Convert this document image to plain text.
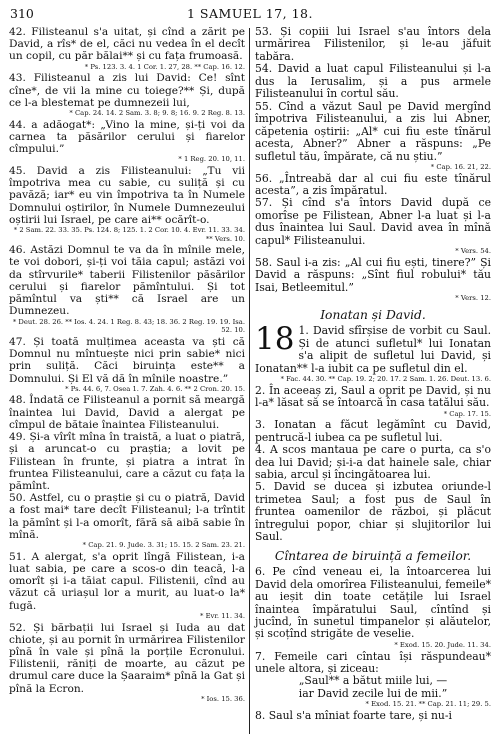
310	1 SAMUEL 17, 18.
42. Filisteanul s'a uitat, și cînd a zărit pe David, a rîs* de el, căci nu vedea în el decît un copil, cu păr bălai** și cu fața frumoasă.
* Ps. 123. 3. 4. 1 Cor. 1. 27, 28. ** Cap. 16. 12.
43. Filisteanul a zis lui David: Ce! sînt cîne*, de vii la mine cu toiege?** Și, după ce l-a blestemat pe dumnezeii lui,
* Cap. 24. 14. 2 Sam. 3. 8; 9. 8; 16. 9. 2 Reg. 8. 13.
44. a adăogat*: „Vino la mine, și-ți voi da carnea ta păsărilor cerului și fiarelor cîmpului.”
* 1 Reg. 20. 10, 11.
45. David a zis Filisteanului: „Tu vii împotriva mea cu sabie, cu suliță și cu pavăză; iar* eu vin împotriva ta în Numele Domnului oștirilor, în Numele Dumnezeului oștirii lui Israel, pe care ai** ocărît-o.
* 2 Sam. 22. 33. 35. Ps. 124. 8; 125. 1. 2 Cor. 10. 4. Evr. 11. 33. 34. ** Vers. 10.
46. Astăzi Domnul te va da în mînile mele, te voi dobori, și-ți voi tăia capul; astăzi voi da stîrvurile* taberii Filistenilor păsărilor cerului și fiarelor pămîntului. Și tot pămîntul va ști** că Israel are un Dumnezeu.
* Deut. 28. 26. ** Ios. 4. 24. 1 Reg. 8. 43; 18. 36. 2 Reg. 19. 19. Isa. 52. 10.
47. Și toată mulțimea aceasta va ști că Domnul nu mîntuește nici prin sabie* nici prin suliță. Căci biruința este** a Domnului. Și El vă dă în mînile noastre.”
* Ps. 44. 6, 7. Osea 1. 7. Zah. 4. 6. ** 2 Cron. 20. 15.
48. Îndată ce Filisteanul a pornit să meargă înaintea lui David, David a alergat pe cîmpul de bătaie înaintea Filisteanului.
49. Și-a vîrît mîna în traistă, a luat o piatră, și a aruncat-o cu praștia; a lovit pe Filistean în frunte, și piatra a intrat în fruntea Filisteanului, care a căzut cu fața la pămînt.
50. Astfel, cu o praștie și cu o piatră, David a fost mai* tare decît Filisteanul; l-a trîntit la pămînt și l-a omorît, fără să aibă sabie în mînă.
* Cap. 21. 9. Jude. 3. 31; 15. 15. 2 Sam. 23. 21.
51. A alergat, s'a oprit lîngă Filistean, i-a luat sabia, pe care a scos-o din teacă, l-a omorît și i-a tăiat capul. Filistenii, cînd au văzut că uriașul lor a murit, au luat-o la* fugă.
* Evr. 11. 34.
52. Și bărbații lui Israel și Iuda au dat chiote, și au pornit în urmărirea Filistenilor pînă în vale și pînă la porțile Ecronului. Filistenii, răniți de moarte, au căzut pe drumul care duce la Șaaraim* pînă la Gat și pînă la Ecron.
* Ios. 15. 36.
53. Și copiii lui Israel s'au întors dela urmărirea Filistenilor, și le-au jăfuit tabăra.
54. David a luat capul Filisteanului și l-a dus la Ierusalim, și a pus armele Filisteanului în cortul său.
55. Cînd a văzut Saul pe David mergînd împotriva Filisteanului, a zis lui Abner, căpetenia oștirii: „Al* cui fiu este tînărul acesta, Abner?” Abner a răspuns: „Pe sufletul tău, împărate, că nu știu.”
* Cap. 16. 21, 22.
56. „Întreabă dar al cui fiu este tînărul acesta”, a zis împăratul.
57. Și cînd s'a întors David după ce omorîse pe Filistean, Abner l-a luat și l-a dus înaintea lui Saul. David avea în mînă capul* Filisteanului.
* Vers. 54.
58. Saul i-a zis: „Al cui fiu ești, tinere?” Și David a răspuns: „Sînt fiul robului* tău Isai, Betleemitul.”
* Vers. 12.
Ionatan și David.
18 1. David sfîrșise de vorbit cu Saul. Și de atunci sufletul* lui Ionatan s'a alipit de sufletul lui David, și Ionatan** l-a iubit ca pe sufletul din el.
* Fac. 44. 30. ** Cap. 19. 2; 20. 17. 2 Sam. 1. 26. Deut. 13. 6.
2. În aceeaș zi, Saul a oprit pe David, și nu l-a* lăsat să se întoarcă în casa tatălui său.
* Cap. 17. 15.
3. Ionatan a făcut legămînt cu David, pentrucă-l iubea ca pe sufletul lui.
4. A scos mantaua pe care o purta, ca s'o dea lui David; și-i-a dat hainele sale, chiar sabia, arcul și încingătoarea lui.
5. David se ducea și izbutea oriunde-l trimetea Saul; a fost pus de Saul în fruntea oamenilor de război, și plăcut întregului popor, chiar și slujitorilor lui Saul.
Cîntarea de biruință a femeilor.
6. Pe cînd veneau ei, la întoarcerea lui David dela omorîrea Filisteanului, femeile* au ieșit din toate cetățile lui Israel înaintea împăratului Saul, cîntînd și jucînd, în sunetul timpanelor și alăutelor, și scoțînd strigăte de veselie.
* Exod. 15. 20. Jude. 11. 34.
7. Femeile cari cîntau își răspundeau* unele altora, și ziceau:
„Saul** a bătut miile lui, —
iar David zecile lui de mii.”
* Exod. 15. 21. ** Cap. 21. 11; 29. 5.
8. Saul s'a mîniat foarte tare, și nu-i
